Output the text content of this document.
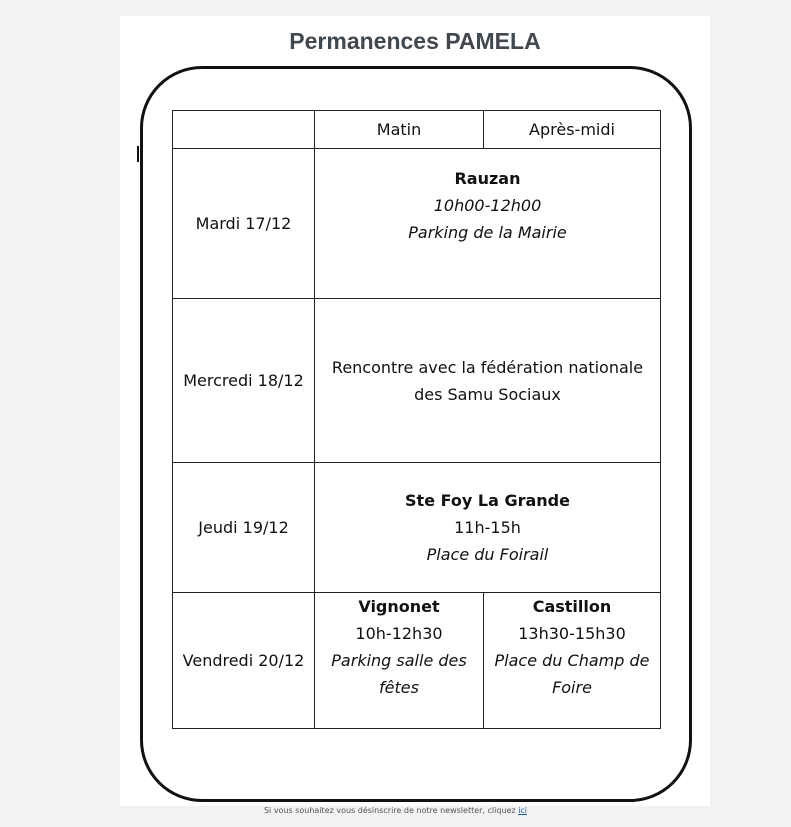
Permanences PAMELA
	Matin	Après-midi
Mardi 17/12	Rauzan
10h00-12h00
Parking de la Mairie	

Mercredi 18/12	Rencontre avec la fédération nationale
des Samu Sociaux	

Jeudi 19/12	Ste Foy La Grande
11h-15h
Place du Foirail	

Vendredi 20/12	Vignonet
10h-12h30
Parking salle des
fêtes	Castillon
13h30-15h30
Place du Champ de
Foire
Si vous souhaitez vous désinscrire de notre newsletter, cliquez ici
